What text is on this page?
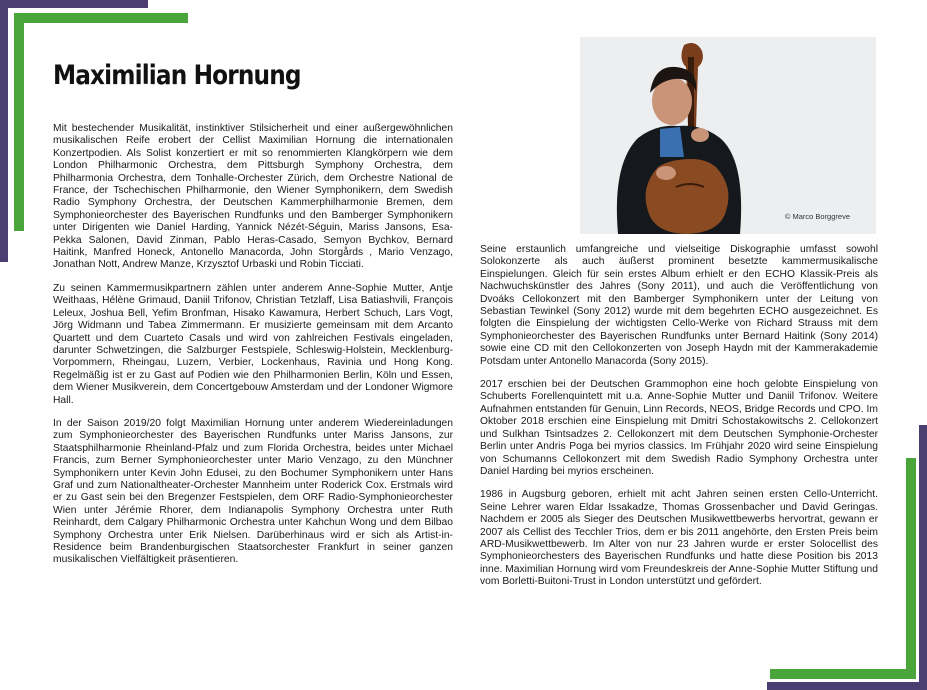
Maximilian Hornung

Mit bestechender Musikalität, instinktiver Stilsicherheit und einer außergewöhnlichen musikalischen Reife erobert der Cellist Maximilian Hornung die internationalen Konzertpodien. Als Solist konzertiert er mit so renommierten Klangkörpern wie dem London Philharmonic Orchestra, dem Pittsburgh Symphony Orchestra, dem Philharmonia Orchestra, dem Tonhalle-Orchester Zürich, dem Orchestre National de France, der Tschechischen Philharmonie, den Wiener Symphonikern, dem Swedish Radio Symphony Orchestra, der Deutschen Kammerphilharmonie Bremen, dem Symphonieorchester des Bayerischen Rundfunks und den Bamberger Symphonikern unter Dirigenten wie Daniel Harding, Yannick Nézét-Séguin, Mariss Jansons, Esa-Pekka Salonen, David Zinman, Pablo Heras-Casado, Semyon Bychkov, Bernard Haitink, Manfred Honeck, Antonello Manacorda, John Storgårds , Mario Venzago, Jonathan Nott, Andrew Manze, Krzysztof Urbaski und Robin Ticciati.

Zu seinen Kammermusikpartnern zählen unter anderem Anne-Sophie Mutter, Antje Weithaas, Hélène Grimaud, Daniil Trifonov, Christian Tetzlaff, Lisa Batiashvili, François Leleux, Joshua Bell, Yefim Bronfman, Hisako Kawamura, Herbert Schuch, Lars Vogt, Jörg Widmann und Tabea Zimmermann. Er musizierte gemeinsam mit dem Arcanto Quartett und dem Cuarteto Casals und wird von zahlreichen Festivals eingeladen, darunter Schwetzingen, die Salzburger Festspiele, Schleswig-Holstein, Mecklenburg-Vorpommern, Rheingau, Luzern, Verbier, Lockenhaus, Ravinia und Hong Kong. Regelmäßig ist er zu Gast auf Podien wie den Philharmonien Berlin, Köln und Essen, dem Wiener Musikverein, dem Concertgebouw Amsterdam und der Londoner Wigmore Hall.

In der Saison 2019/20 folgt Maximilian Hornung unter anderem Wiedereinladungen zum Symphonieorchester des Bayerischen Rundfunks unter Mariss Jansons, zur Staatsphilharmonie Rheinland-Pfalz und zum Florida Orchestra, beides unter Michael Francis, zum Berner Symphonieorchester unter Mario Venzago, zu den Münchner Symphonikern unter Kevin John Edusei, zu den Bochumer Symphonikern unter Hans Graf und zum Nationaltheater-Orchester Mannheim unter Roderick Cox. Erstmals wird er zu Gast sein bei den Bregenzer Festspielen, dem ORF Radio-Symphonieorchester Wien unter Jérémie Rhorer, dem Indianapolis Symphony Orchestra unter Ruth Reinhardt, dem Calgary Philharmonic Orchestra unter Kahchun Wong und dem Bilbao Symphony Orchestra unter Erik Nielsen. Darüberhinaus wird er sich als Artist-in-Residence beim Brandenburgischen Staatsorchester Frankfurt in seiner ganzen musikalischen Vielfältigkeit präsentieren.

© Marco Borggreve

Seine erstaunlich umfangreiche und vielseitige Diskographie umfasst sowohl Solokonzerte als auch äußerst prominent besetzte kammermusikalische Einspielungen. Gleich für sein erstes Album erhielt er den ECHO Klassik-Preis als Nachwuchskünstler des Jahres (Sony 2011), und auch die Veröffentlichung von Dvoáks Cellokonzert mit den Bamberger Symphonikern unter der Leitung von Sebastian Tewinkel (Sony 2012) wurde mit dem begehrten ECHO ausgezeichnet. Es folgten die Einspielung der wichtigsten Cello-Werke von Richard Strauss mit dem Symphonieorchester des Bayerischen Rundfunks unter Bernard Haitink (Sony 2014) sowie eine CD mit den Cellokonzerten von Joseph Haydn mit der Kammerakademie Potsdam unter Antonello Manacorda (Sony 2015).

2017 erschien bei der Deutschen Grammophon eine hoch gelobte Einspielung von Schuberts Forellenquintett mit u.a. Anne-Sophie Mutter und Daniil Trifonov. Weitere Aufnahmen entstanden für Genuin, Linn Records, NEOS, Bridge Records und CPO. Im Oktober 2018 erschien eine Einspielung mit Dmitri Schostakowitschs 2. Cellokonzert und Sulkhan Tsintsadzes 2. Cellokonzert mit dem Deutschen Symphonie-Orchester Berlin unter Andris Poga bei myrios classics. Im Frühjahr 2020 wird seine Einspielung von Schumanns Cellokonzert mit dem Swedish Radio Symphony Orchestra unter Daniel Harding bei myrios erscheinen.

1986 in Augsburg geboren, erhielt mit acht Jahren seinen ersten Cello-Unterricht. Seine Lehrer waren Eldar Issakadze, Thomas Grossenbacher und David Geringas. Nachdem er 2005 als Sieger des Deutschen Musikwettbewerbs hervortrat, gewann er 2007 als Cellist des Tecchler Trios, dem er bis 2011 angehörte, den Ersten Preis beim ARD-Musikwettbewerb. Im Alter von nur 23 Jahren wurde er erster Solocellist des Symphonieorchesters des Bayerischen Rundfunks und hatte diese Position bis 2013 inne. Maximilian Hornung wird vom Freundeskreis der Anne-Sophie Mutter Stiftung und vom Borletti-Buitoni-Trust in London unterstützt und gefördert.
